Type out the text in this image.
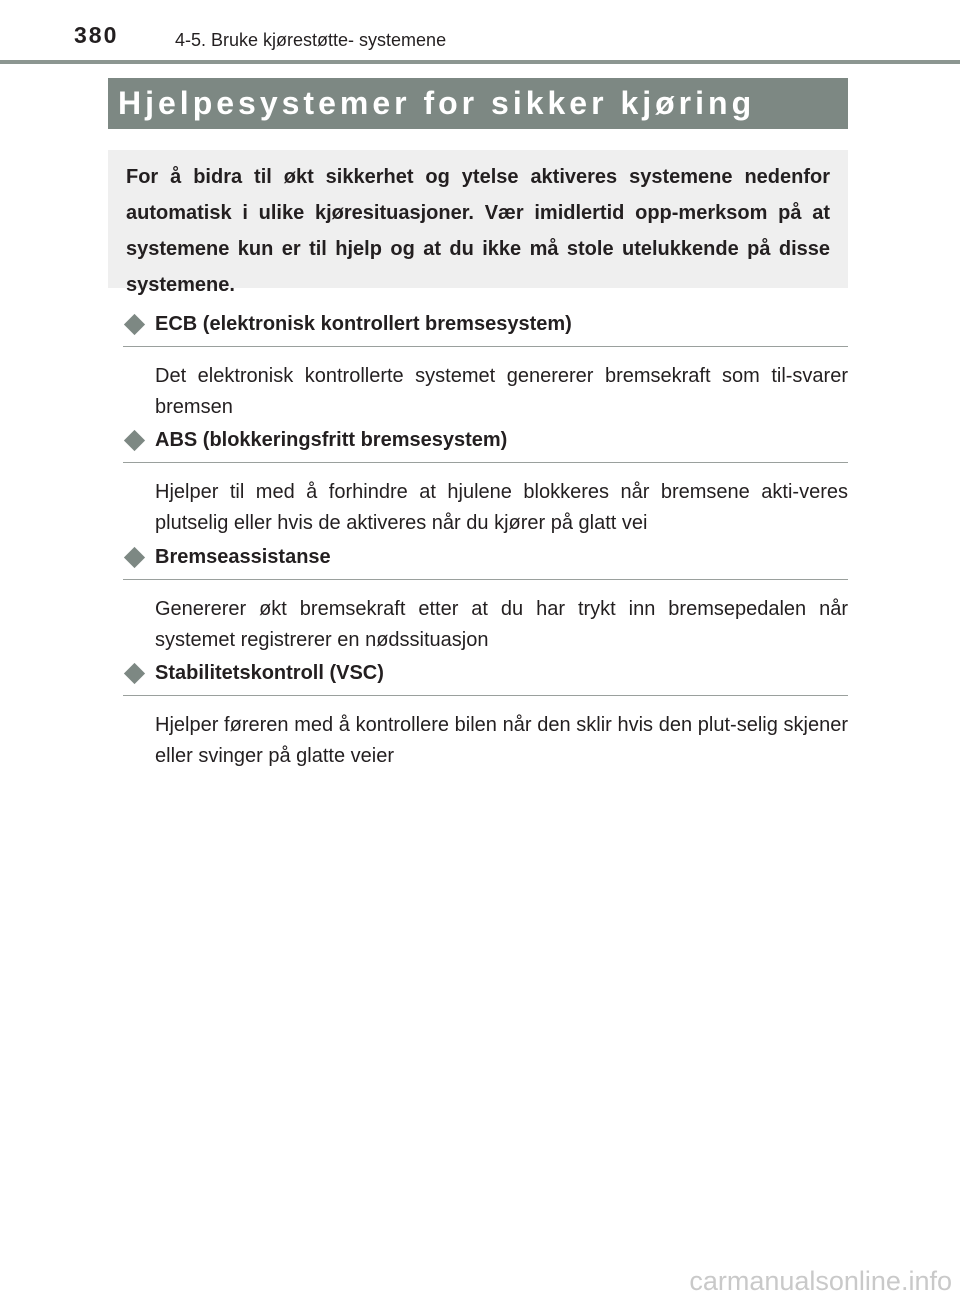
380	4-5. Bruke kjørestøtte- systemene
Hjelpesystemer for sikker kjøring

For å bidra til økt sikkerhet og ytelse aktiveres systemene nedenfor automatisk i ulike kjøresituasjoner. Vær imidlertid opp-merksom på at systemene kun er til hjelp og at du ikke må stole utelukkende på disse systemene.

ECB (elektronisk kontrollert bremsesystem)
Det elektronisk kontrollerte systemet genererer bremsekraft som til-svarer bremsen
ABS (blokkeringsfritt bremsesystem)
Hjelper til med å forhindre at hjulene blokkeres når bremsene akti-veres plutselig eller hvis de aktiveres når du kjører på glatt vei
Bremseassistanse
Genererer økt bremsekraft etter at du har trykt inn bremsepedalen når systemet registrerer en nødssituasjon
Stabilitetskontroll (VSC)
Hjelper føreren med å kontrollere bilen når den sklir hvis den plut-selig skjener eller svinger på glatte veier
carmanualsonline.info
